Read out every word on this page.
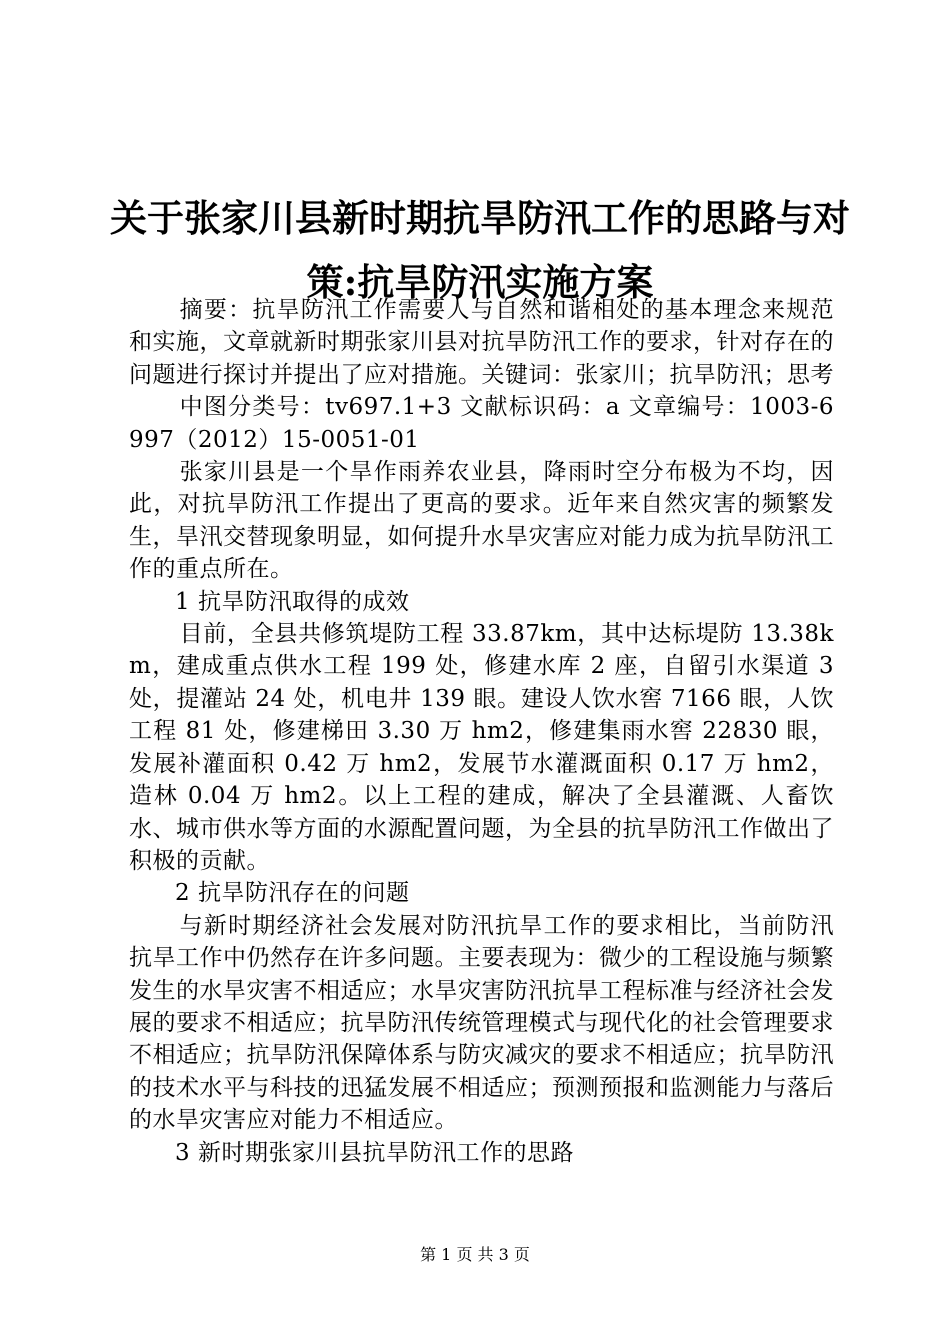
关于张家川县新时期抗旱防汛工作的思路与对策:抗旱防汛实施方案

摘要：抗旱防汛工作需要人与自然和谐相处的基本理念来规范和实施，文章就新时期张家川县对抗旱防汛工作的要求，针对存在的问题进行探讨并提出了应对措施。关键词：张家川；抗旱防汛；思考

中图分类号：tv697.1+3 文献标识码：a 文章编号：1003-6997（2012）15-0051-01

张家川县是一个旱作雨养农业县，降雨时空分布极为不均，因此，对抗旱防汛工作提出了更高的要求。近年来自然灾害的频繁发生，旱汛交替现象明显，如何提升水旱灾害应对能力成为抗旱防汛工作的重点所在。

1 抗旱防汛取得的成效

目前，全县共修筑堤防工程 33.87km，其中达标堤防 13.38km，建成重点供水工程 199 处，修建水库 2 座，自留引水渠道 3 处，提灌站 24 处，机电井 139 眼。建设人饮水窖 7166 眼，人饮工程 81 处，修建梯田 3.30 万 hm2，修建集雨水窖 22830 眼，发展补灌面积 0.42 万 hm2，发展节水灌溉面积 0.17 万 hm2，造林 0.04 万 hm2。以上工程的建成，解决了全县灌溉、人畜饮水、城市供水等方面的水源配置问题，为全县的抗旱防汛工作做出了积极的贡献。

2 抗旱防汛存在的问题

与新时期经济社会发展对防汛抗旱工作的要求相比，当前防汛抗旱工作中仍然存在许多问题。主要表现为：微少的工程设施与频繁发生的水旱灾害不相适应；水旱灾害防汛抗旱工程标准与经济社会发展的要求不相适应；抗旱防汛传统管理模式与现代化的社会管理要求不相适应；抗旱防汛保障体系与防灾减灾的要求不相适应；抗旱防汛的技术水平与科技的迅猛发展不相适应；预测预报和监测能力与落后的水旱灾害应对能力不相适应。

3 新时期张家川县抗旱防汛工作的思路

第 1 页 共 3 页
